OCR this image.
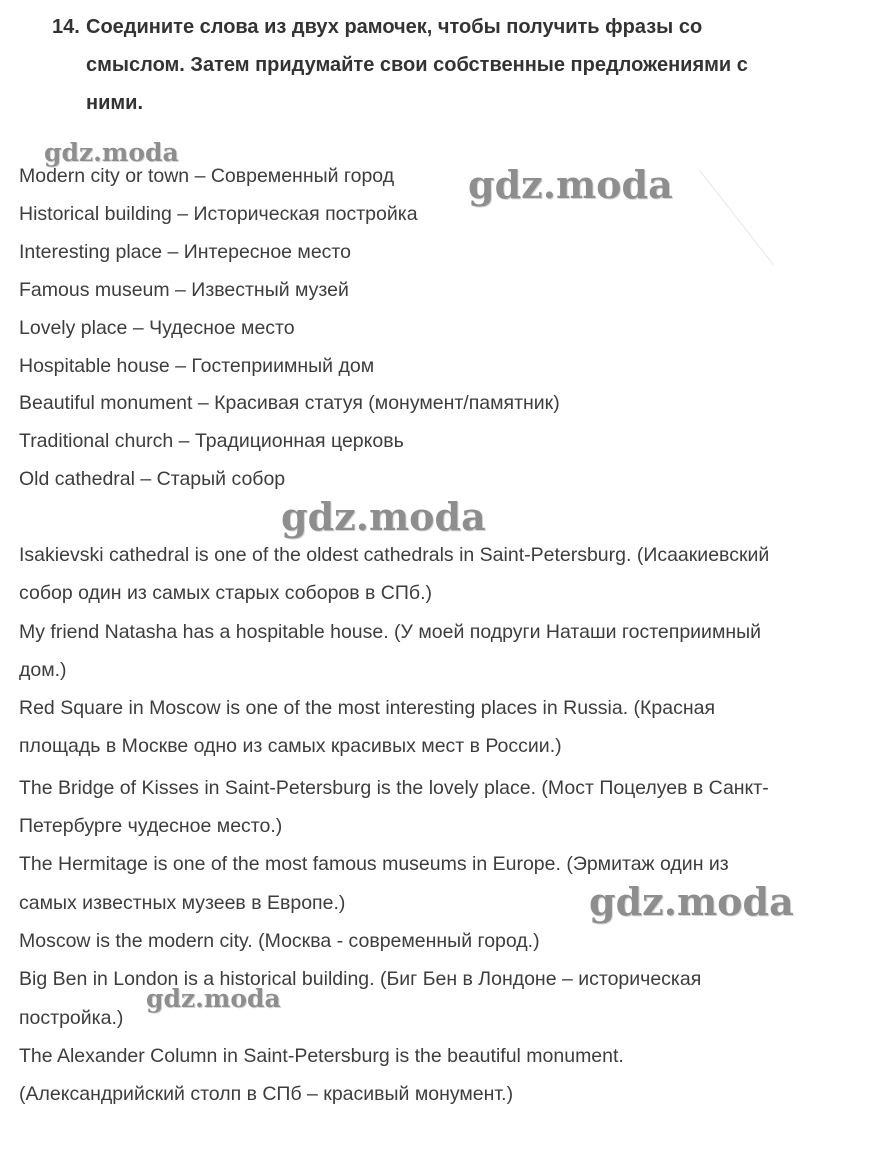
14. Соедините слова из двух рамочек, чтобы получить фразы со
смыслом. Затем придумайте свои собственные предложениями с
ними.
Modern city or town – Современный город
Historical building – Историческая постройка
Interesting place – Интересное место
Famous museum – Известный музей
Lovely place – Чудесное место
Hospitable house – Гостеприимный дом
Beautiful monument – Красивая статуя (монумент/памятник)
Traditional church – Традиционная церковь
Old cathedral – Старый собор

Isakievski cathedral is one of the oldest cathedrals in Saint-Petersburg. (Исаакиевский

собор один из самых старых соборов в СПб.)

My friend Natasha has a hospitable house. (У моей подруги Наташи гостеприимный

дом.)

Red Square in Moscow is one of the most interesting places in Russia. (Красная

площадь в Москве одно из самых красивых мест в России.)

The Bridge of Kisses in Saint-Petersburg is the lovely place. (Мост Поцелуев в Санкт-

Петербурге чудесное место.)

The Hermitage is one of the most famous museums in Europe. (Эрмитаж один из

самых известных музеев в Европе.)

Moscow is the modern city. (Москва - современный город.)

Big Ben in London is a historical building. (Биг Бен в Лондоне – историческая

постройка.)

The Alexander Column in Saint-Petersburg is the beautiful monument.

(Александрийский столп в СПб – красивый монумент.)

gdz.moda
gdz.moda
gdz.moda
gdz.moda
gdz.moda
